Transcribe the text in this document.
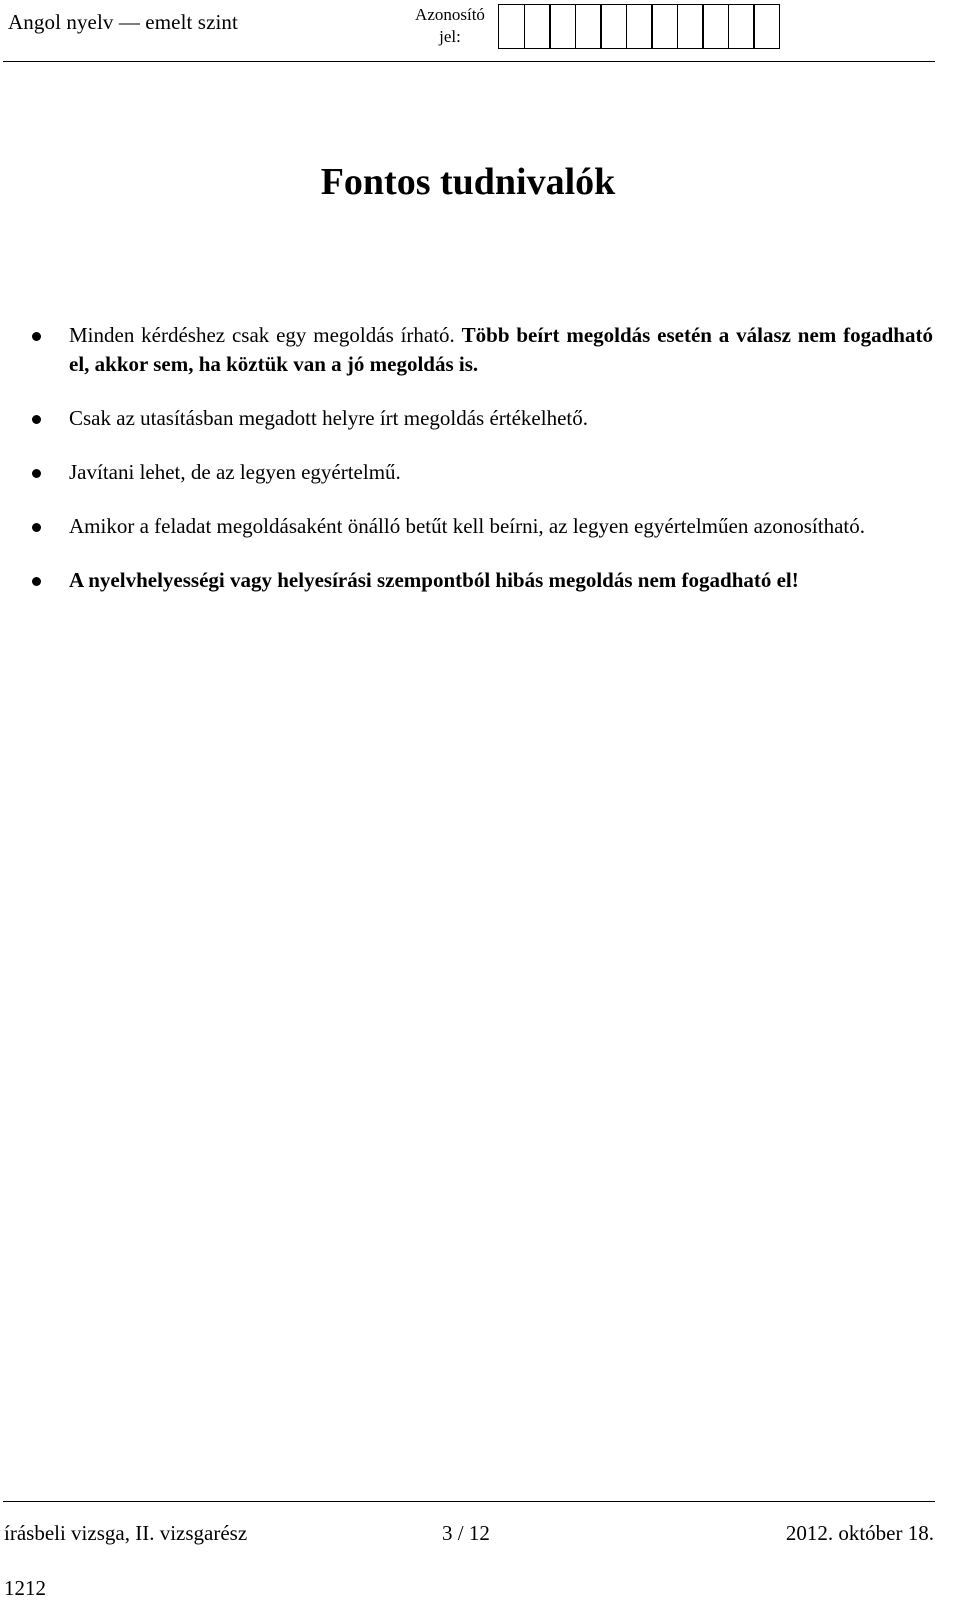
Angol nyelv — emelt szint	Azonosító
jel:
Fontos tudnivalók
Minden kérdéshez csak egy megoldás írható. Több beírt megoldás esetén a válasz nem fogadható el, akkor sem, ha köztük van a jó megoldás is.
Csak az utasításban megadott helyre írt megoldás értékelhető.
Javítani lehet, de az legyen egyértelmű.
Amikor a feladat megoldásaként önálló betűt kell beírni, az legyen egyértelműen azonosítható.
A nyelvhelyességi vagy helyesírási szempontból hibás megoldás nem fogadható el!
írásbeli vizsga, II. vizsgarész	3 / 12	2012. október 18.
1212
